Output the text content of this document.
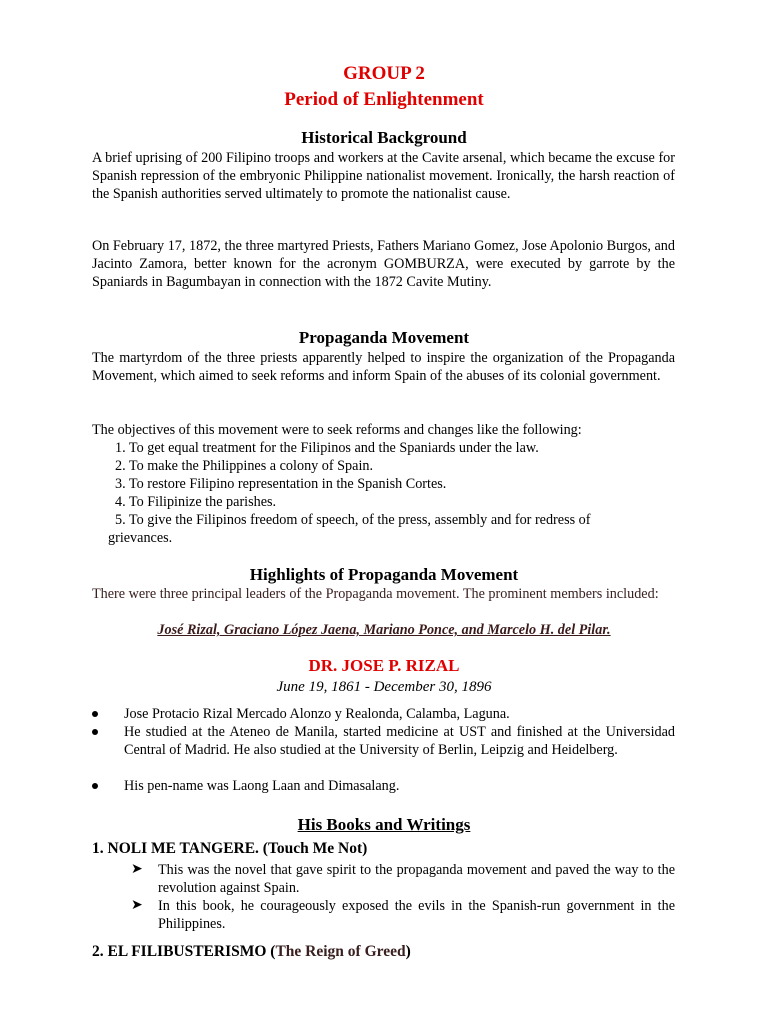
GROUP 2
Period of Enlightenment
Historical Background

A brief uprising of 200 Filipino troops and workers at the Cavite arsenal, which became the excuse for Spanish repression of the embryonic Philippine nationalist movement. Ironically, the harsh reaction of the Spanish authorities served ultimately to promote the nationalist cause.

On February 17, 1872, the three martyred Priests, Fathers Mariano Gomez, Jose Apolonio Burgos, and Jacinto Zamora, better known for the acronym GOMBURZA, were executed by garrote by the Spaniards in Bagumbayan in connection with the 1872 Cavite Mutiny.

Propaganda Movement

The martyrdom of the three priests apparently helped to inspire the organization of the Propaganda Movement, which aimed to seek reforms and inform Spain of the abuses of its colonial government.

The objectives of this movement were to seek reforms and changes like the following:

1. To get equal treatment for the Filipinos and the Spaniards under the law.

2. To make the Philippines a colony of Spain.

3. To restore Filipino representation in the Spanish Cortes.

4. To Filipinize the parishes.

5. To give the Filipinos freedom of speech, of the press, assembly and for redress of

grievances.

Highlights of Propaganda Movement

There were three principal leaders of the Propaganda movement. The prominent members included:

José Rizal, Graciano López Jaena, Mariano Ponce, and Marcelo H. del Pilar.

DR. JOSE P. RIZAL

June 19, 1861 - December 30, 1896

Jose Protacio Rizal Mercado Alonzo y Realonda, Calamba, Laguna.

He studied at the Ateneo de Manila, started medicine at UST and finished at the Universidad Central of Madrid. He also studied at the University of Berlin, Leipzig and Heidelberg.

His pen-name was Laong Laan and Dimasalang.

His Books and Writings

1. NOLI ME TANGERE. (Touch Me Not)

➤ This was the novel that gave spirit to the propaganda movement and paved the way to the revolution against Spain.

➤ In this book, he courageously exposed the evils in the Spanish-run government in the Philippines.

2. EL FILIBUSTERISMO (The Reign of Greed)
